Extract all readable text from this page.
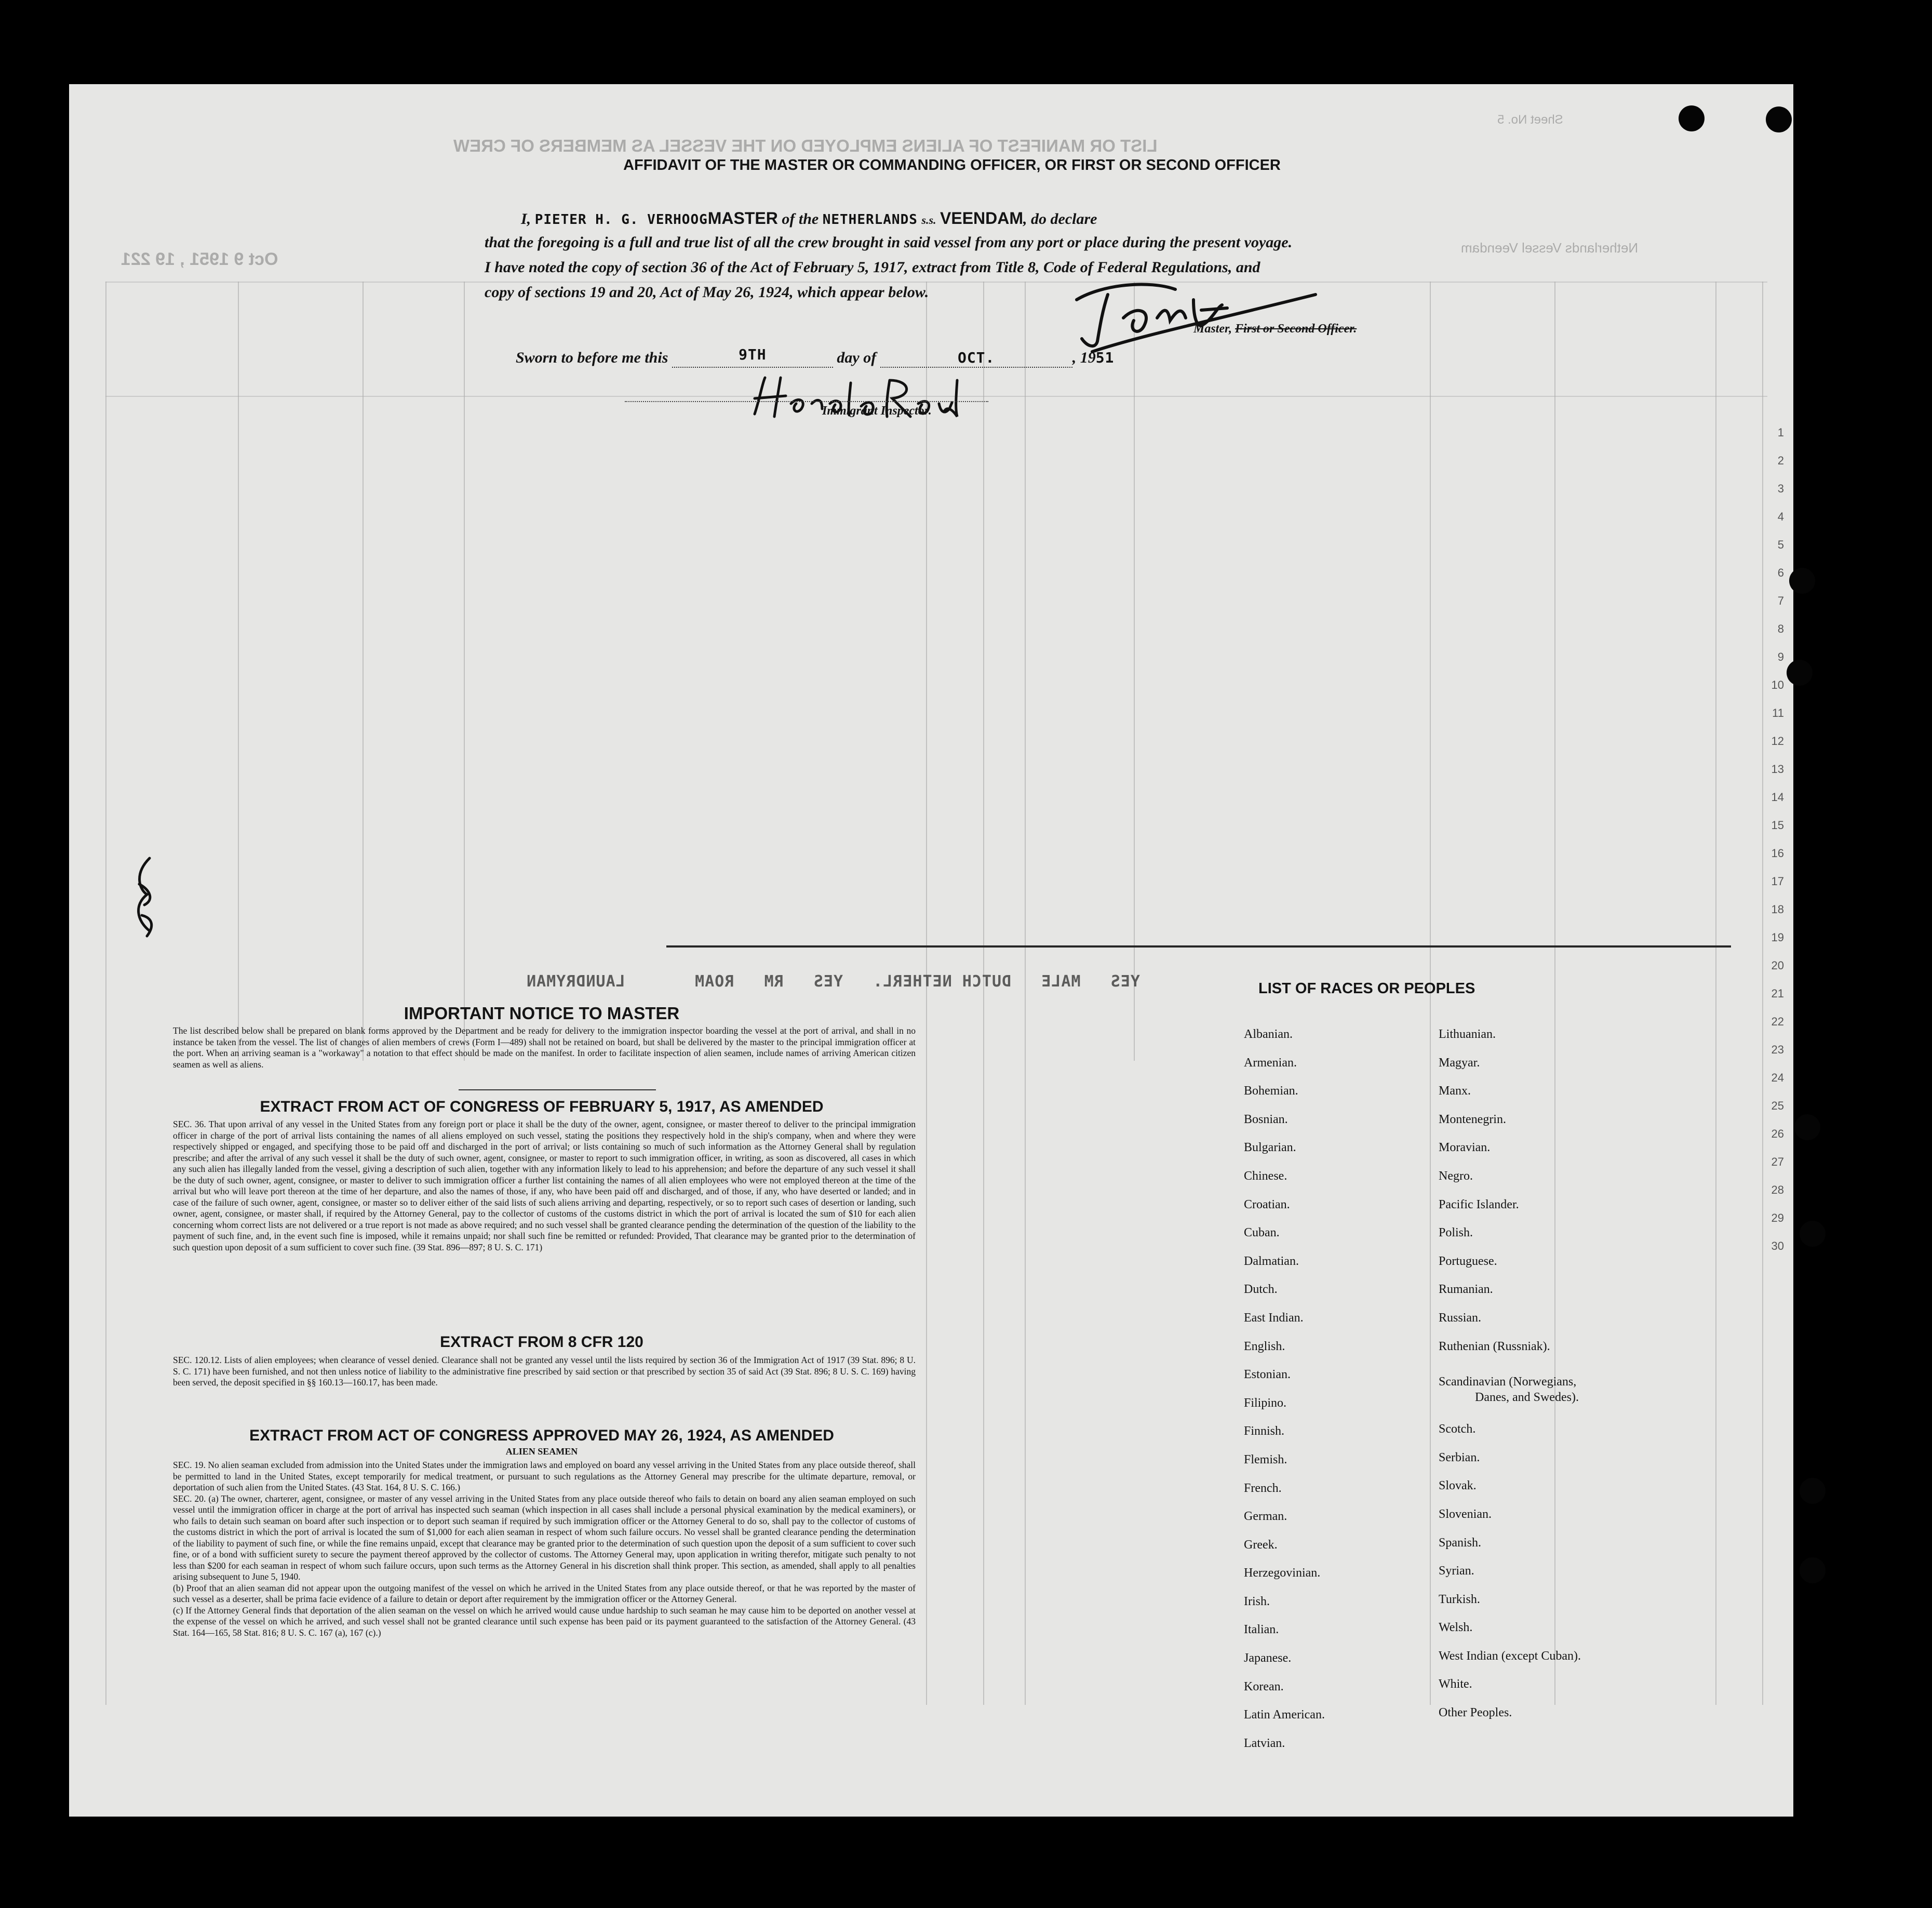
LIST OR MANIFEST OF ALIENS EMPLOYED ON THE VESSEL AS MEMBERS OF CREW
Sheet No. 5
Netherlands Vessel Veendam
Oct 9 1951 , 19 221
1
2
3
4
5
6
7
8
9
10
11
12
13
14
15
16
17
18
19
20
21
22
23
24
25
26
27
28
29
30
AFFIDAVIT OF THE MASTER OR COMMANDING OFFICER, OR FIRST OR SECOND OFFICER
I, PIETER H. G. VERHOOGMASTER of the NETHERLANDS s.s. VEENDAM, do declare
that the foregoing is a full and true list of all the crew brought in said vessel from any port or place during the present voyage.
I have noted the copy of section 36 of the Act of February 5, 1917, extract from Title 8, Code of Federal Regulations, and
copy of sections 19 and 20, Act of May 26, 1924, which appear below.
Master, First or Second Officer.
Sworn to before me this	9TH	day of	OCT.	, 1951
Immigrant Inspector.
YES   MALE   DUTCH NETHERL.   YES   RM   ROAM       LAUNDRYMAN
IMPORTANT NOTICE TO MASTER

The list described below shall be prepared on blank forms approved by the Department and be ready for delivery to the immigration inspector boarding the vessel at the port of arrival, and shall in no instance be taken from the vessel. The list of changes of alien members of crews (Form I—489) shall not be retained on board, but shall be delivered by the master to the principal immigration officer at the port. When an arriving seaman is a "workaway" a notation to that effect should be made on the manifest. In order to facilitate inspection of alien seamen, include names of arriving American citizen seamen as well as aliens.

EXTRACT FROM ACT OF CONGRESS OF FEBRUARY 5, 1917, AS AMENDED

SEC. 36. That upon arrival of any vessel in the United States from any foreign port or place it shall be the duty of the owner, agent, consignee, or master thereof to deliver to the principal immigration officer in charge of the port of arrival lists containing the names of all aliens employed on such vessel, stating the positions they respectively hold in the ship's company, when and where they were respectively shipped or engaged, and specifying those to be paid off and discharged in the port of arrival; or lists containing so much of such information as the Attorney General shall by regulation prescribe; and after the arrival of any such vessel it shall be the duty of such owner, agent, consignee, or master to report to such immigration officer, in writing, as soon as discovered, all cases in which any such alien has illegally landed from the vessel, giving a description of such alien, together with any information likely to lead to his apprehension; and before the departure of any such vessel it shall be the duty of such owner, agent, consignee, or master to deliver to such immigration officer a further list containing the names of all alien employees who were not employed thereon at the time of the arrival but who will leave port thereon at the time of her departure, and also the names of those, if any, who have been paid off and discharged, and of those, if any, who have deserted or landed; and in case of the failure of such owner, agent, consignee, or master so to deliver either of the said lists of such aliens arriving and departing, respectively, or so to report such cases of desertion or landing, such owner, agent, consignee, or master shall, if required by the Attorney General, pay to the collector of customs of the customs district in which the port of arrival is located the sum of $10 for each alien concerning whom correct lists are not delivered or a true report is not made as above required; and no such vessel shall be granted clearance pending the determination of the question of the liability to the payment of such fine, and, in the event such fine is imposed, while it remains unpaid; nor shall such fine be remitted or refunded: Provided, That clearance may be granted prior to the determination of such question upon deposit of a sum sufficient to cover such fine. (39 Stat. 896—897; 8 U. S. C. 171)

EXTRACT FROM 8 CFR 120

SEC. 120.12. Lists of alien employees; when clearance of vessel denied. Clearance shall not be granted any vessel until the lists required by section 36 of the Immigration Act of 1917 (39 Stat. 896; 8 U. S. C. 171) have been furnished, and not then unless notice of liability to the administrative fine prescribed by said section or that prescribed by section 35 of said Act (39 Stat. 896; 8 U. S. C. 169) having been served, the deposit specified in §§ 160.13—160.17, has been made.

EXTRACT FROM ACT OF CONGRESS APPROVED MAY 26, 1924, AS AMENDED
ALIEN SEAMEN

SEC. 19. No alien seaman excluded from admission into the United States under the immigration laws and employed on board any vessel arriving in the United States from any place outside thereof, shall be permitted to land in the United States, except temporarily for medical treatment, or pursuant to such regulations as the Attorney General may prescribe for the ultimate departure, removal, or deportation of such alien from the United States. (43 Stat. 164, 8 U. S. C. 166.)

SEC. 20. (a) The owner, charterer, agent, consignee, or master of any vessel arriving in the United States from any place outside thereof who fails to detain on board any alien seaman employed on such vessel until the immigration officer in charge at the port of arrival has inspected such seaman (which inspection in all cases shall include a personal physical examination by the medical examiners), or who fails to detain such seaman on board after such inspection or to deport such seaman if required by such immigration officer or the Attorney General to do so, shall pay to the collector of customs of the customs district in which the port of arrival is located the sum of $1,000 for each alien seaman in respect of whom such failure occurs. No vessel shall be granted clearance pending the determination of the liability to payment of such fine, or while the fine remains unpaid, except that clearance may be granted prior to the determination of such question upon the deposit of a sum sufficient to cover such fine, or of a bond with sufficient surety to secure the payment thereof approved by the collector of customs. The Attorney General may, upon application in writing therefor, mitigate such penalty to not less than $200 for each seaman in respect of whom such failure occurs, upon such terms as the Attorney General in his discretion shall think proper. This section, as amended, shall apply to all penalties arising subsequent to June 5, 1940.

(b) Proof that an alien seaman did not appear upon the outgoing manifest of the vessel on which he arrived in the United States from any place outside thereof, or that he was reported by the master of such vessel as a deserter, shall be prima facie evidence of a failure to detain or deport after requirement by the immigration officer or the Attorney General.

(c) If the Attorney General finds that deportation of the alien seaman on the vessel on which he arrived would cause undue hardship to such seaman he may cause him to be deported on another vessel at the expense of the vessel on which he arrived, and such vessel shall not be granted clearance until such expense has been paid or its payment guaranteed to the satisfaction of the Attorney General. (43 Stat. 164—165, 58 Stat. 816; 8 U. S. C. 167 (a), 167 (c).)

LIST OF RACES OR PEOPLES
Albanian.
Armenian.
Bohemian.
Bosnian.
Bulgarian.
Chinese.
Croatian.
Cuban.
Dalmatian.
Dutch.
East Indian.
English.
Estonian.
Filipino.
Finnish.
Flemish.
French.
German.
Greek.
Herzegovinian.
Irish.
Italian.
Japanese.
Korean.
Latin American.
Latvian.
Lithuanian.
Magyar.
Manx.
Montenegrin.
Moravian.
Negro.
Pacific Islander.
Polish.
Portuguese.
Rumanian.
Russian.
Ruthenian (Russniak).
Scandinavian (Norwegians,
Danes, and Swedes).
Scotch.
Serbian.
Slovak.
Slovenian.
Spanish.
Syrian.
Turkish.
Welsh.
West Indian (except Cuban).
White.
Other Peoples.
